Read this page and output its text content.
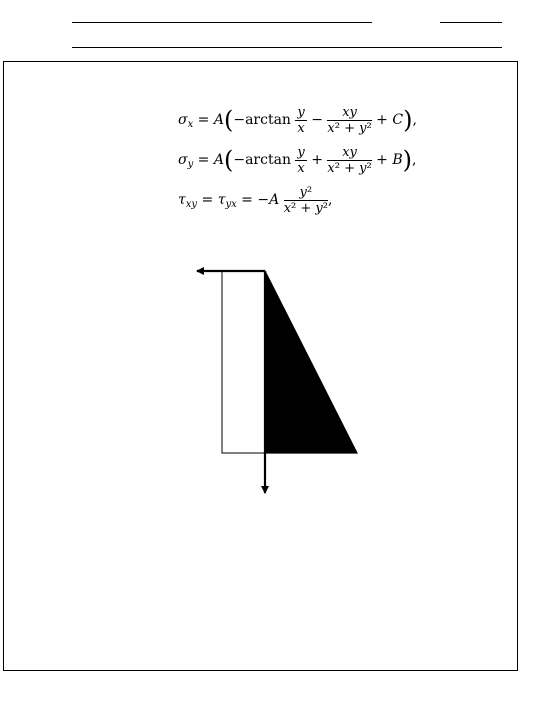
$\sigma_x = A(-\arctan \frac{y}{x} - \frac{xy}{\text{x² + y²}} + C)$,
$\sigma_y = A(-\arctan \frac{y}{x} + \frac{xy}{\text{x² + y²}} + B)$,
$\tau_{xy} = \tau_{yx} = -A \frac{\text{y²}}{\text{x² + y²}}$ ,
